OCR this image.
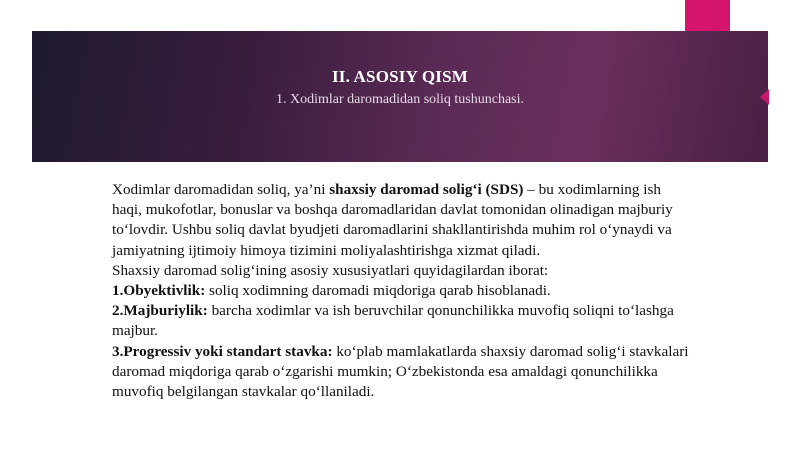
II. ASOSIY QISM
1. Xodimlar daromadidan soliq tushunchasi.

Xodimlar daromadidan soliq, ya’ni shaxsiy daromad solig‘i (SDS) – bu xodimlarning ish haqi, mukofotlar, bonuslar va boshqa daromadlaridan davlat tomonidan olinadigan majburiy to‘lovdir. Ushbu soliq davlat byudjeti daromadlarini shakllantirishda muhim rol o‘ynaydi va jamiyatning ijtimoiy himoya tizimini moliyalashtirishga xizmat qiladi.

Shaxsiy daromad solig‘ining asosiy xususiyatlari quyidagilardan iborat:

1.Obyektivlik: soliq xodimning daromadi miqdoriga qarab hisoblanadi.

2.Majburiylik: barcha xodimlar va ish beruvchilar qonunchilikka muvofiq soliqni to‘lashga majbur.

3.Progressiv yoki standart stavka: ko‘plab mamlakatlarda shaxsiy daromad solig‘i stavkalari daromad miqdoriga qarab o‘zgarishi mumkin; O‘zbekistonda esa amaldagi qonunchilikka muvofiq belgilangan stavkalar qo‘llaniladi.
